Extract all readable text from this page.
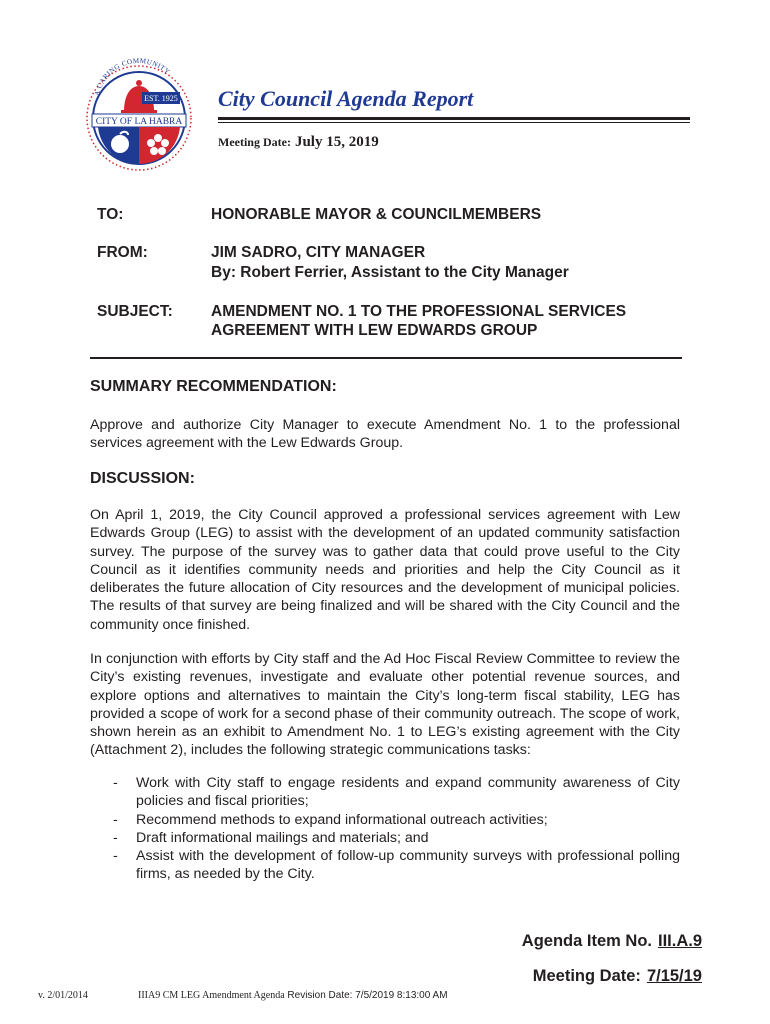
A CARING COMMUNITY
EST. 1925
CITY OF LA HABRA
City Council Agenda Report
Meeting Date: July 15, 2019
TO:	HONORABLE MAYOR & COUNCILMEMBERS
FROM:	JIM SADRO, CITY MANAGER
By: Robert Ferrier, Assistant to the City Manager
SUBJECT: AMENDMENT NO. 1 TO THE PROFESSIONAL SERVICES
AGREEMENT WITH LEW EDWARDS GROUP
SUMMARY RECOMMENDATION:
Approve and authorize City Manager to execute Amendment No. 1 to the professional services agreement with the Lew Edwards Group.
DISCUSSION:
On April 1, 2019, the City Council approved a professional services agreement with Lew Edwards Group (LEG) to assist with the development of an updated community satisfaction survey. The purpose of the survey was to gather data that could prove useful to the City Council as it identifies community needs and priorities and help the City Council as it deliberates the future allocation of City resources and the development of municipal policies. The results of that survey are being finalized and will be shared with the City Council and the community once finished.
In conjunction with efforts by City staff and the Ad Hoc Fiscal Review Committee to review the City’s existing revenues, investigate and evaluate other potential revenue sources, and explore options and alternatives to maintain the City’s long-term fiscal stability, LEG has provided a scope of work for a second phase of their community outreach. The scope of work, shown herein as an exhibit to Amendment No. 1 to LEG’s existing agreement with the City (Attachment 2), includes the following strategic communications tasks:
- Work with City staff to engage residents and expand community awareness of City policies and fiscal priorities;
- Recommend methods to expand informational outreach activities;
- Draft informational mailings and materials; and
- Assist with the development of follow-up community surveys with professional polling firms, as needed by the City.
Agenda Item No. III.A.9
Meeting Date: 7/15/19
v. 2/01/2014	IIIA9 CM LEG Amendment Agenda Revision Date: 7/5/2019 8:13:00 AM
